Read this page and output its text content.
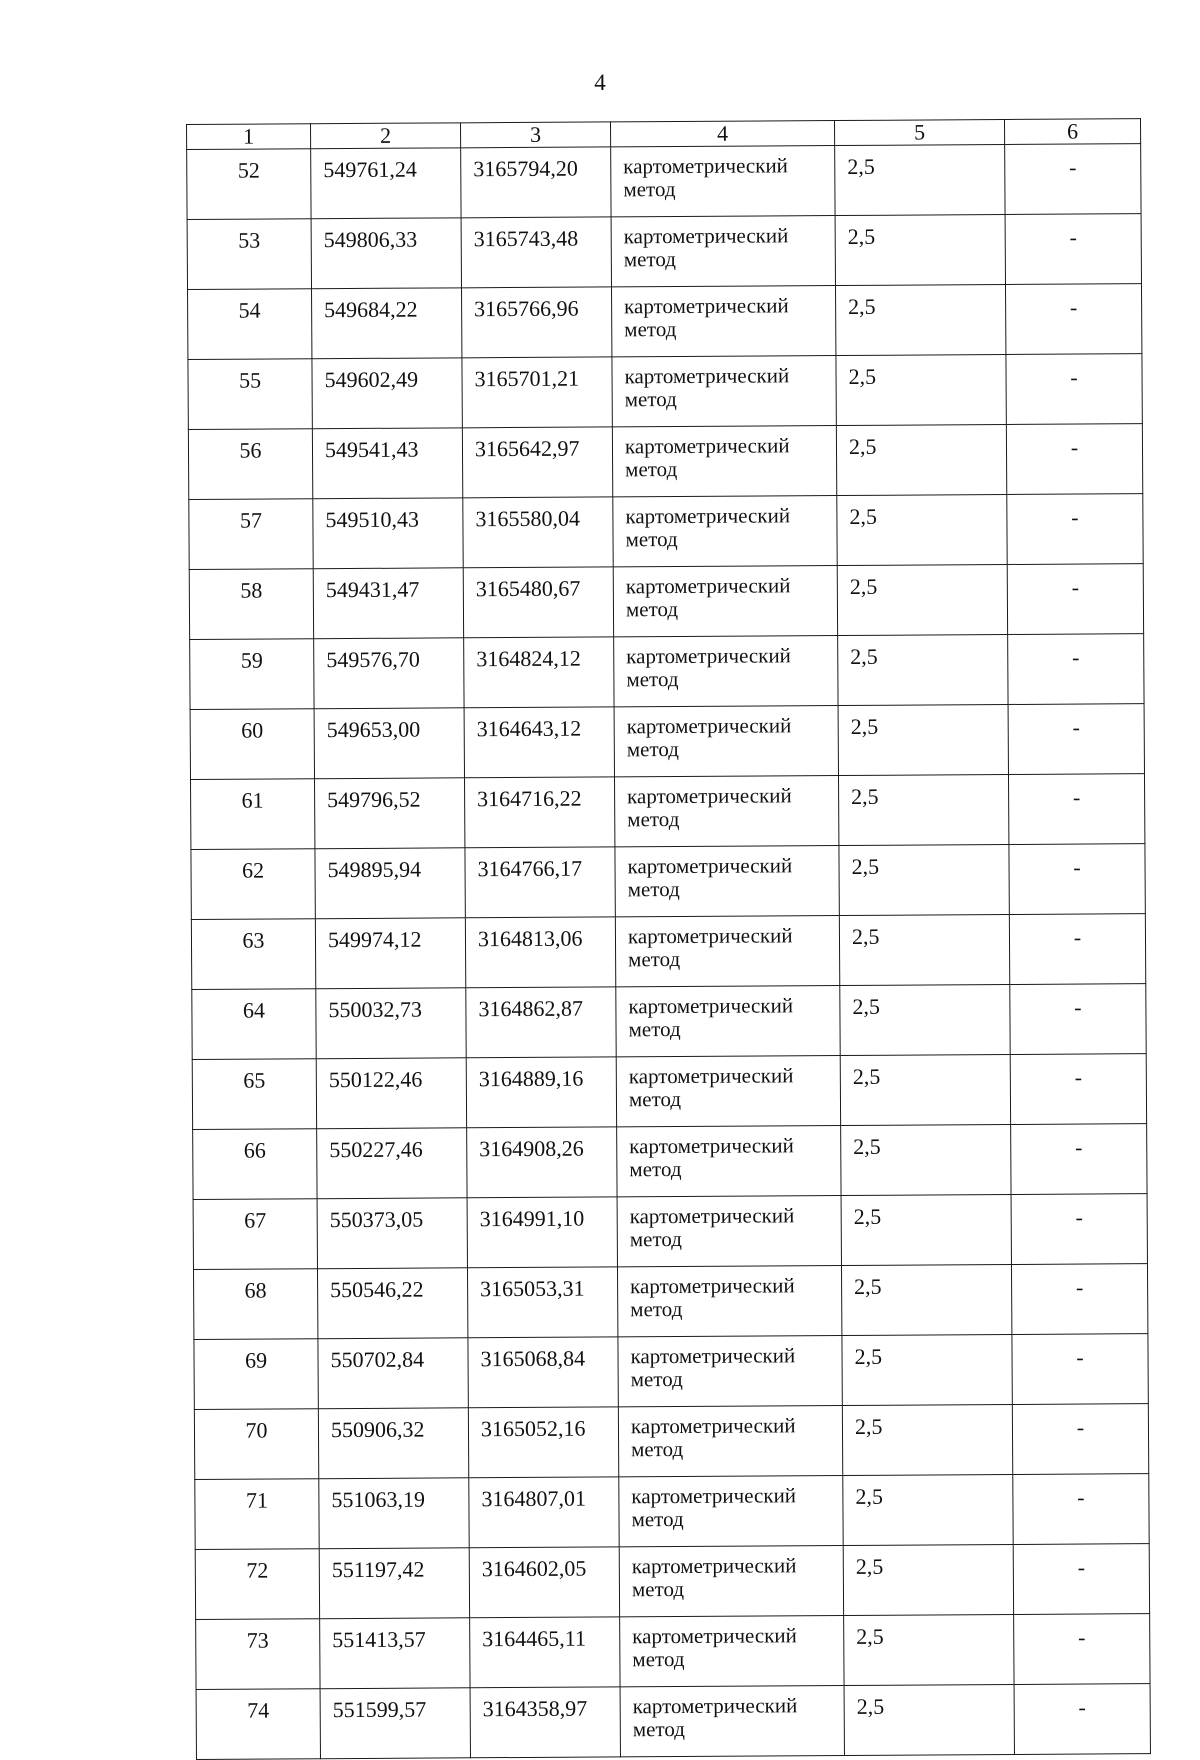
4
1	2	3	4	5	6
52	549761,24	3165794,20	картометрический метод	2,5	-
53	549806,33	3165743,48	картометрический метод	2,5	-
54	549684,22	3165766,96	картометрический метод	2,5	-
55	549602,49	3165701,21	картометрический метод	2,5	-
56	549541,43	3165642,97	картометрический метод	2,5	-
57	549510,43	3165580,04	картометрический метод	2,5	-
58	549431,47	3165480,67	картометрический метод	2,5	-
59	549576,70	3164824,12	картометрический метод	2,5	-
60	549653,00	3164643,12	картометрический метод	2,5	-
61	549796,52	3164716,22	картометрический метод	2,5	-
62	549895,94	3164766,17	картометрический метод	2,5	-
63	549974,12	3164813,06	картометрический метод	2,5	-
64	550032,73	3164862,87	картометрический метод	2,5	-
65	550122,46	3164889,16	картометрический метод	2,5	-
66	550227,46	3164908,26	картометрический метод	2,5	-
67	550373,05	3164991,10	картометрический метод	2,5	-
68	550546,22	3165053,31	картометрический метод	2,5	-
69	550702,84	3165068,84	картометрический метод	2,5	-
70	550906,32	3165052,16	картометрический метод	2,5	-
71	551063,19	3164807,01	картометрический метод	2,5	-
72	551197,42	3164602,05	картометрический метод	2,5	-
73	551413,57	3164465,11	картометрический метод	2,5	-
74	551599,57	3164358,97	картометрический метод	2,5	-
